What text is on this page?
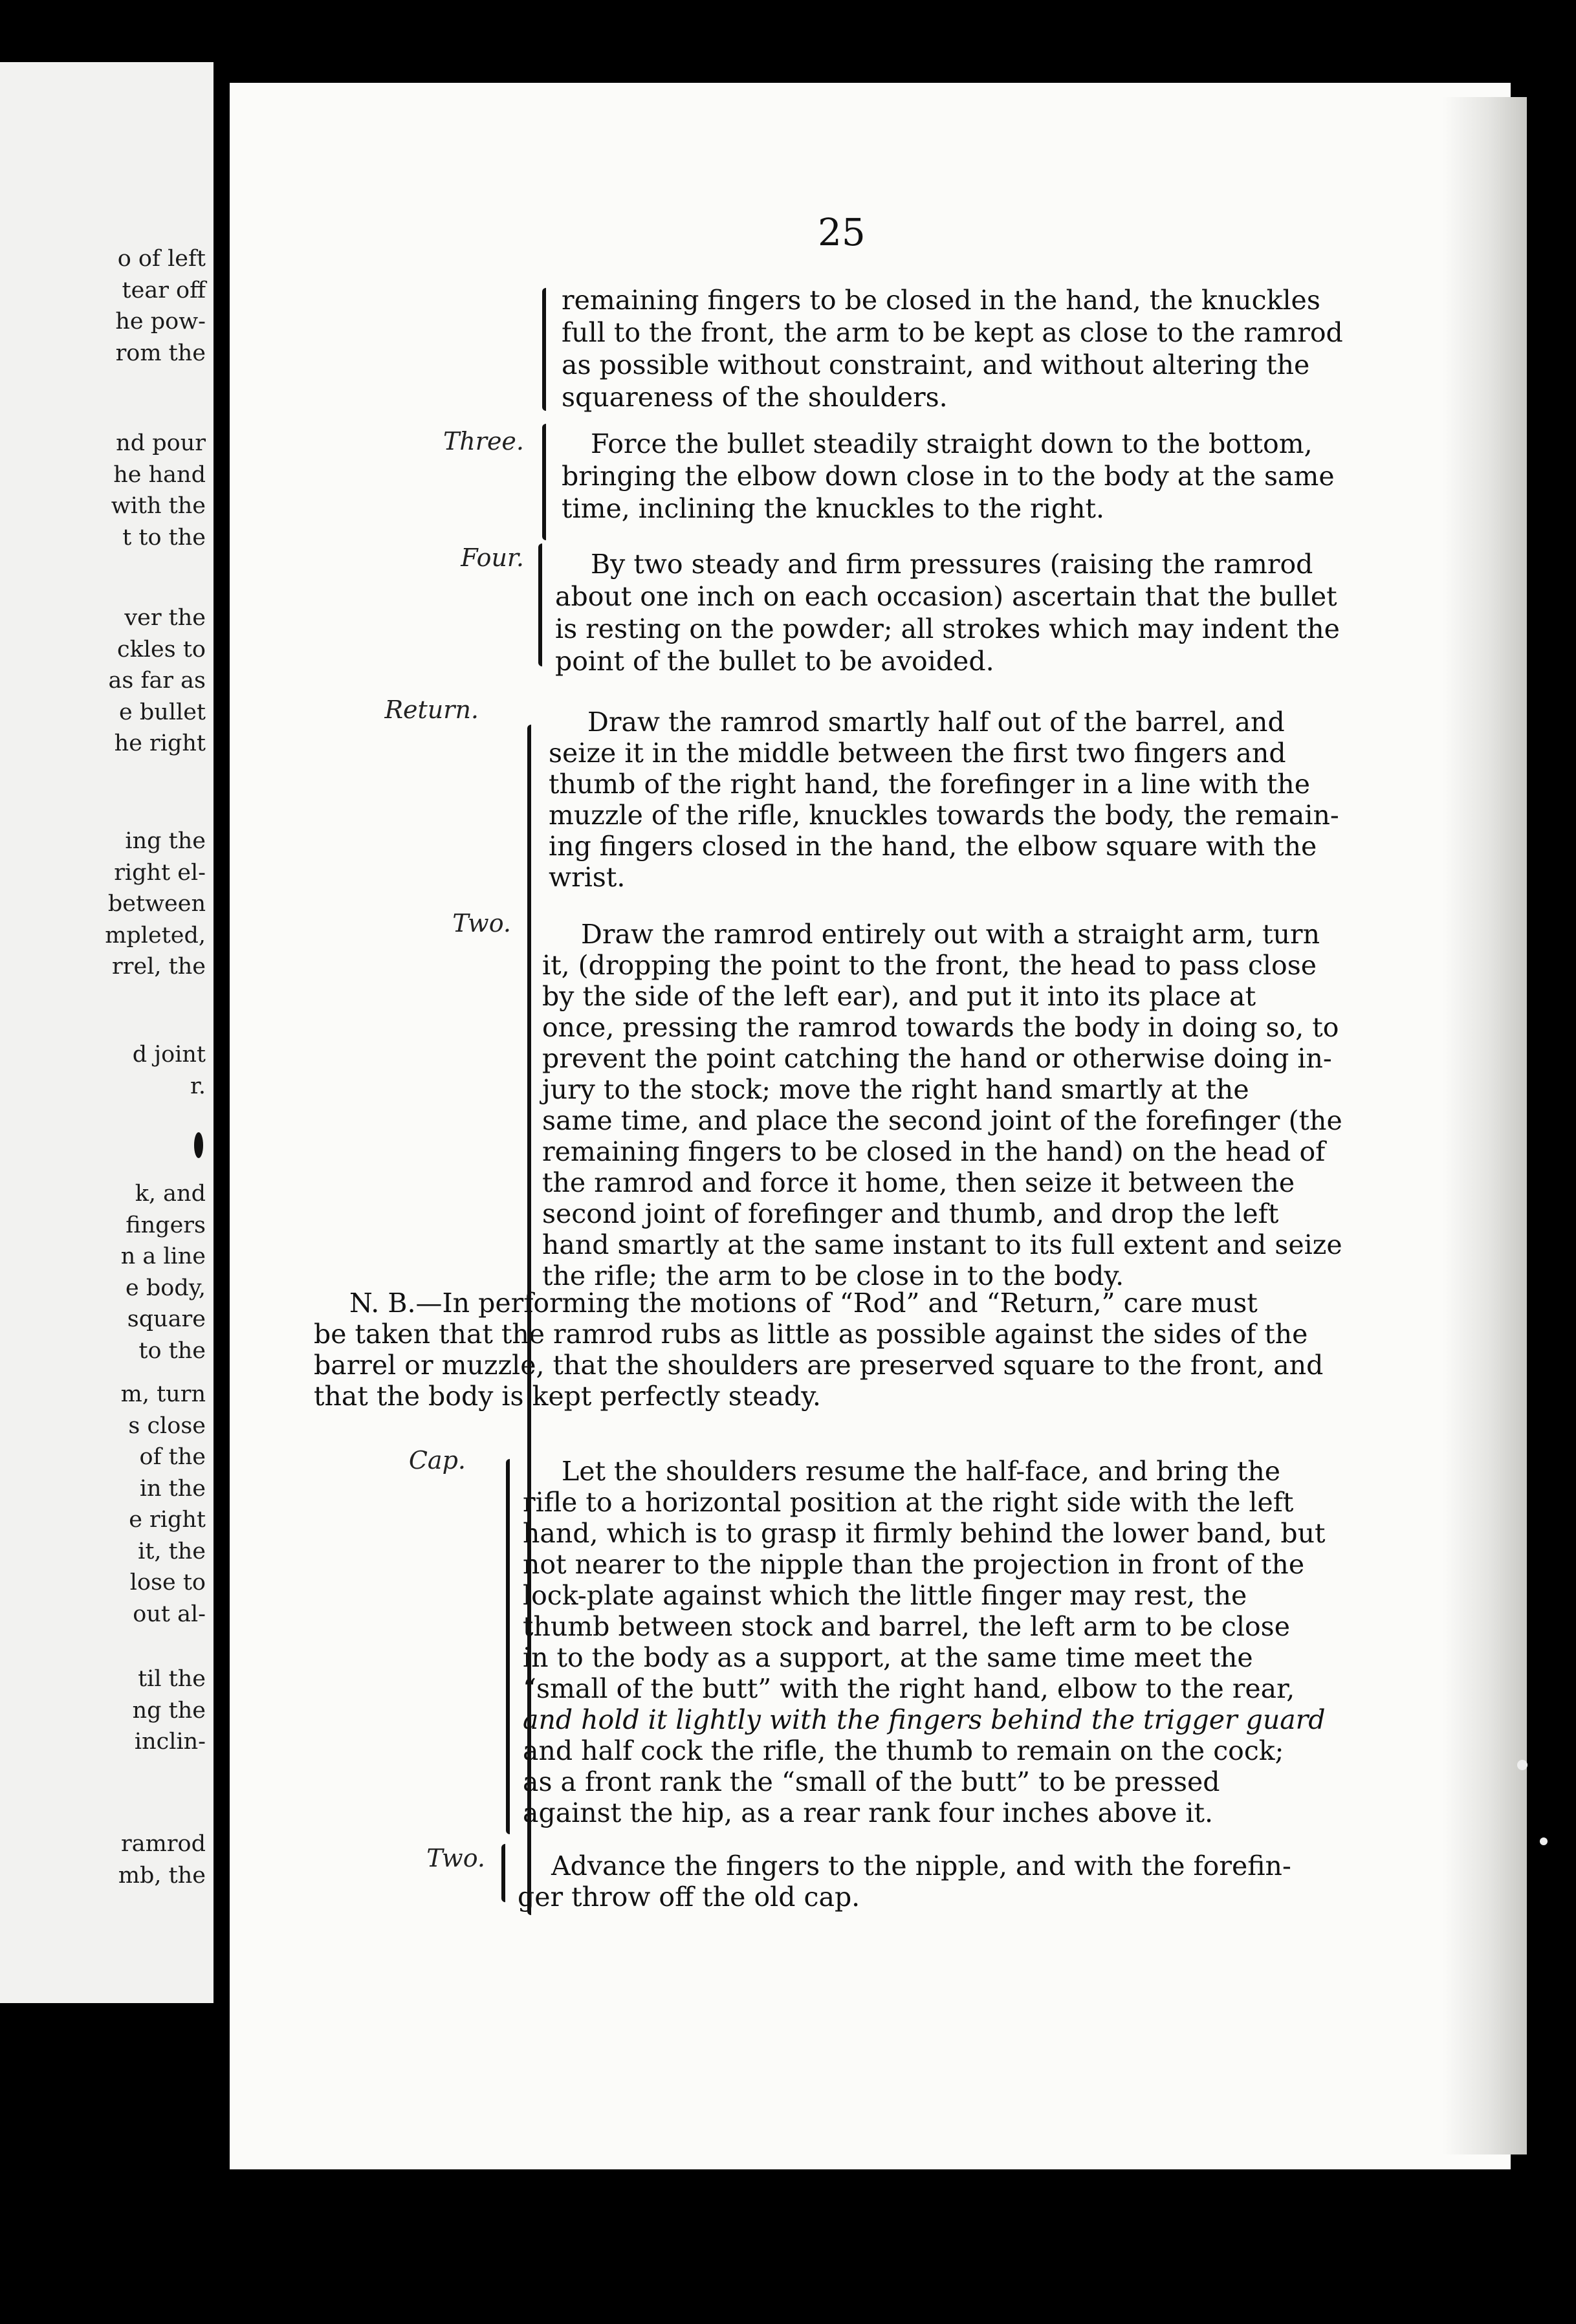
o of left
tear off
he pow-
rom the
nd pour
he hand
with the
t to the
ver the
ckles to
as far as
e bullet
he right
ing the
right el-
between
mpleted,
rrel, the
d joint
r.
k, and
fingers
n a line
e body,
square
to the
m, turn
s close
of the
in the
e right
it, the
lose to
out al-
til the
ng the
inclin-
ramrod
mb, the
25
remaining fingers to be closed in the hand, the knuckles
full to the front, the arm to be kept as close to the ramrod
as possible without constraint, and without altering the
squareness of the shoulders.
Three.	Force the bullet steadily straight down to the bottom,
bringing the elbow down close in to the body at the same
time, inclining the knuckles to the right.
Four.	By two steady and firm pressures (raising the ramrod
about one inch on each occasion) ascertain that the bullet
is resting on the powder; all strokes which may indent the
point of the bullet to be avoided.
Return.	Draw the ramrod smartly half out of the barrel, and
seize it in the middle between the first two fingers and
thumb of the right hand, the forefinger in a line with the
muzzle of the rifle, knuckles towards the body, the remain-
ing fingers closed in the hand, the elbow square with the
wrist.
Two.	Draw the ramrod entirely out with a straight arm, turn
it, (dropping the point to the front, the head to pass close
by the side of the left ear), and put it into its place at
once, pressing the ramrod towards the body in doing so, to
prevent the point catching the hand or otherwise doing in-
jury to the stock; move the right hand smartly at the
same time, and place the second joint of the forefinger (the
remaining fingers to be closed in the hand) on the head of
the ramrod and force it home, then seize it between the
second joint of forefinger and thumb, and drop the left
hand smartly at the same instant to its full extent and seize
the rifle; the arm to be close in to the body.
N. B.—In performing the motions of “Rod” and “Return,” care must
be taken that the ramrod rubs as little as possible against the sides of the
barrel or muzzle, that the shoulders are preserved square to the front, and
that the body is kept perfectly steady.
Cap.	Let the shoulders resume the half-face, and bring the
rifle to a horizontal position at the right side with the left
hand, which is to grasp it firmly behind the lower band, but
not nearer to the nipple than the projection in front of the
lock-plate against which the little finger may rest, the
thumb between stock and barrel, the left arm to be close
in to the body as a support, at the same time meet the
“small of the butt” with the right hand, elbow to the rear,
and hold it lightly with the fingers behind the trigger guard
and half cock the rifle, the thumb to remain on the cock;
as a front rank the “small of the butt” to be pressed
against the hip, as a rear rank four inches above it.
Two. Advance the fingers to the nipple, and with the forefin-
ger throw off the old cap.
